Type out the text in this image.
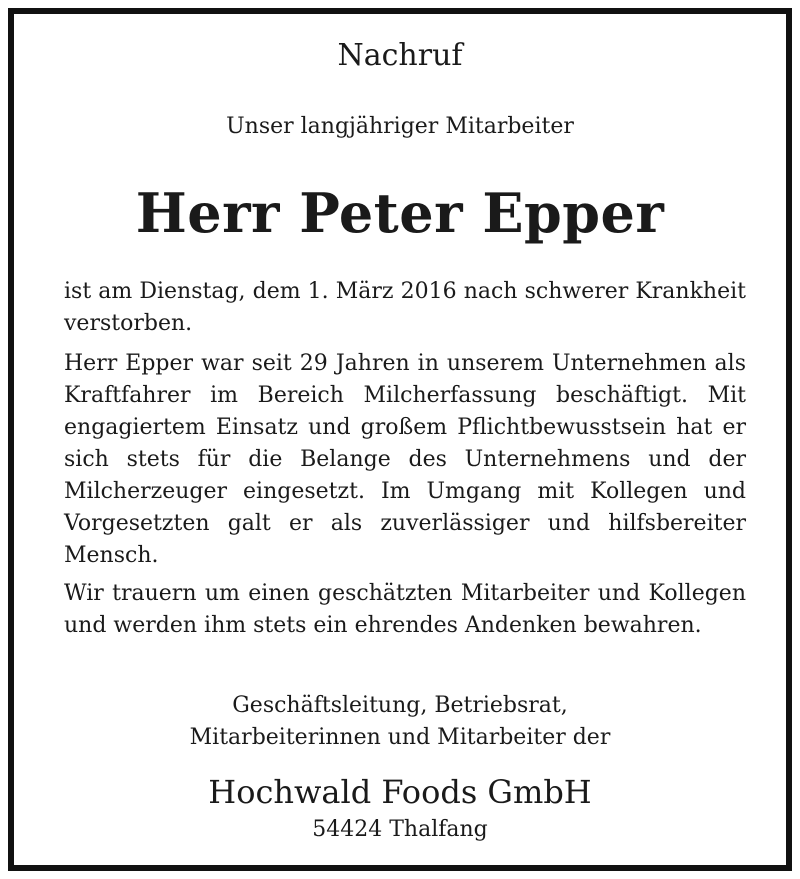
Nachruf

Unser langjähriger Mitarbeiter

Herr Peter Epper

ist am Dienstag, dem 1. März 2016 nach schwerer Krankheit verstorben.

Herr Epper war seit 29 Jahren in unserem Unternehmen als Kraftfahrer im Bereich Milcherfassung beschäftigt. Mit engagiertem Einsatz und großem Pflichtbewusstsein hat er sich stets für die Belange des Unternehmens und der Milcherzeuger eingesetzt. Im Umgang mit Kollegen und Vorgesetzten galt er als zuverlässiger und hilfsbereiter Mensch.

Wir trauern um einen geschätzten Mitarbeiter und Kollegen und werden ihm stets ein ehrendes Andenken bewahren.

Geschäftsleitung, Betriebsrat,

Mitarbeiterinnen und Mitarbeiter der

Hochwald Foods GmbH

54424 Thalfang
